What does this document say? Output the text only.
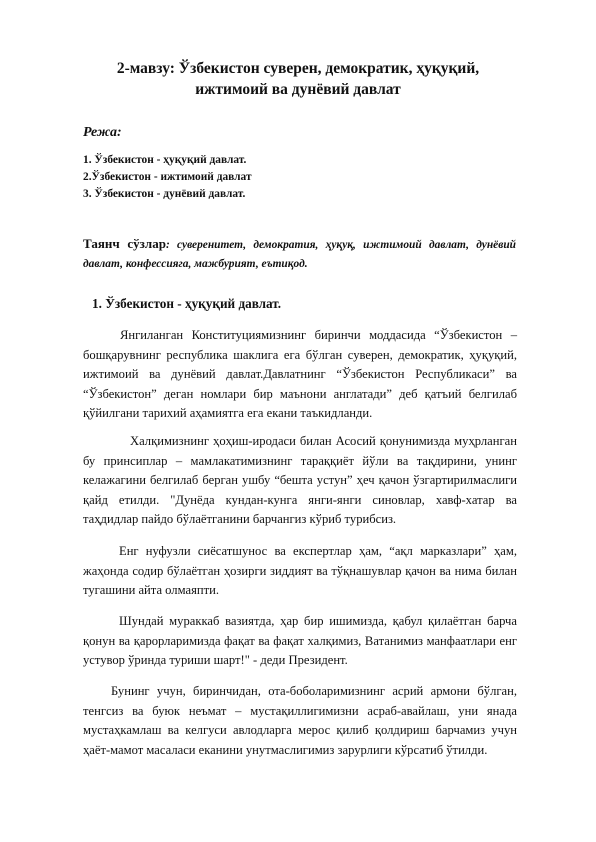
2-мавзу: Ўзбекистон суверен, демократик, ҳуқуқий,
ижтимоий ва дунёвий давлат

Режа:

1. Ўзбекистон - ҳуқуқий давлат.
2.Ўзбекистон - ижтимоий давлат
3. Ўзбекистон - дунёвий давлат.

Таянч сўзлар: суверенитет, демократия, ҳуқуқ, ижтимоий давлат, дунёвий давлат, конфессияга, мажбурият, еътиқод.

1. Ўзбекистон - ҳуқуқий давлат.

Янгиланган Конституциямизнинг биринчи моддасида “Ўзбекистон – бошқарувнинг республика шаклига ега бўлган суверен, демократик, ҳуқуқий, ижтимоий ва дунёвий давлат.Давлатнинг “Ўзбекистон Республикаси” ва “Ўзбекистон” деган номлари бир маънони англатади” деб қатъий белгилаб қўйилгани тарихий аҳамиятга ега екани таъкидланди.

Халқимизнинг ҳоҳиш-иродаси билан Асосий қонунимизда муҳрланган бу принсиплар – мамлакатимизнинг тараққиёт йўли ва тақдирини, унинг келажагини белгилаб берган ушбу “бешта устун” ҳеч қачон ўзгартирилмаслиги қайд етилди. "Дунёда кундан-кунга янги-янги синовлар, хавф-хатар ва таҳдидлар пайдо бўлаётганини барчангиз кўриб турибсиз.

Енг нуфузли сиёсатшунос ва експертлар ҳам, “ақл марказлари” ҳам, жаҳонда содир бўлаётган ҳозирги зиддият ва тўқнашувлар қачон ва нима билан тугашини айта олмаяпти.

Шундай мураккаб вазиятда, ҳар бир ишимизда, қабул қилаётган барча қонун ва қарорларимизда фақат ва фақат халқимиз, Ватанимиз манфаатлари енг устувор ўринда туриши шарт!" - деди Президент.

Бунинг учун, биринчидан, ота-боболаримизнинг асрий армони бўлган, тенгсиз ва буюк неъмат – мустақиллигимизни асраб-авайлаш, уни янада мустаҳкамлаш ва келгуси авлодларга мерос қилиб қолдириш барчамиз учун ҳаёт-мамот масаласи еканини унутмаслигимиз зарурлиги кўрсатиб ўтилди.
